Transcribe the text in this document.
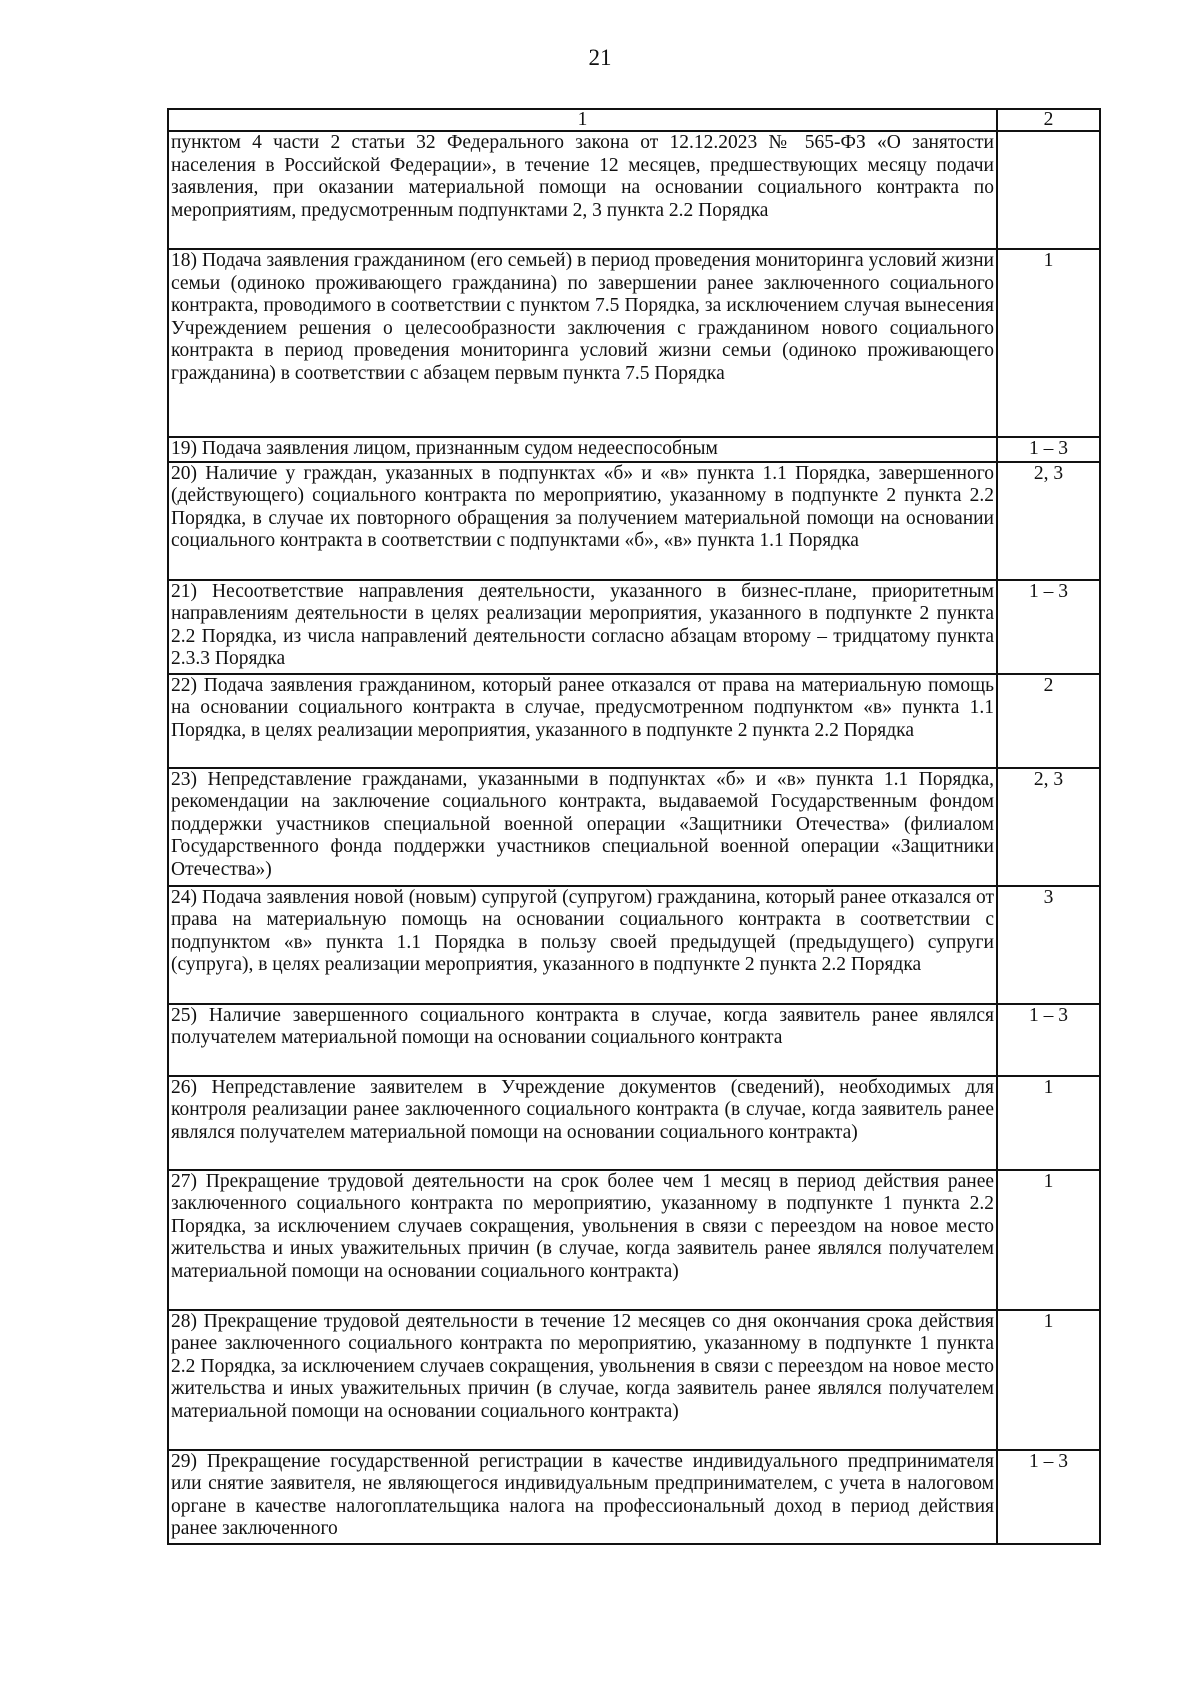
21
1	2
пунктом 4 части 2 статьи 32 Федерального закона от 12.12.2023 № 565-ФЗ «О занятости населения в Российской Федерации», в течение 12 месяцев, предшествующих месяцу подачи заявления, при оказании материальной помощи на основании социального контракта по мероприятиям, предусмотренным подпунктами 2, 3 пункта 2.2 Порядка	
18) Подача заявления гражданином (его семьей) в период проведения мониторинга условий жизни семьи (одиноко проживающего гражданина) по завершении ранее заключенного социального контракта, проводимого в соответствии с пунктом 7.5 Порядка, за исключением случая вынесения Учреждением решения о целесообразности заключения с гражданином нового социального контракта в период проведения мониторинга условий жизни семьи (одиноко проживающего гражданина) в соответствии с абзацем первым пункта 7.5 Порядка	1
19) Подача заявления лицом, признанным судом недееспособным	1 – 3
20) Наличие у граждан, указанных в подпунктах «б» и «в» пункта 1.1 Порядка, завершенного (действующего) социального контракта по мероприятию, указанному в подпункте 2 пункта 2.2 Порядка, в случае их повторного обращения за получением материальной помощи на основании социального контракта в соответствии с подпунктами «б», «в» пункта 1.1 Порядка	2, 3
21) Несоответствие направления деятельности, указанного в бизнес-плане, приоритетным направлениям деятельности в целях реализации мероприятия, указанного в подпункте 2 пункта 2.2 Порядка, из числа направлений деятельности согласно абзацам второму – тридцатому пункта 2.3.3 Порядка	1 – 3
22) Подача заявления гражданином, который ранее отказался от права на материальную помощь на основании социального контракта в случае, предусмотренном подпунктом «в» пункта 1.1 Порядка, в целях реализации мероприятия, указанного в подпункте 2 пункта 2.2 Порядка	2
23) Непредставление гражданами, указанными в подпунктах «б» и «в» пункта 1.1 Порядка, рекомендации на заключение социального контракта, выдаваемой Государственным фондом поддержки участников специальной военной операции «Защитники Отечества» (филиалом Государственного фонда поддержки участников специальной военной операции «Защитники Отечества»)	2, 3
24) Подача заявления новой (новым) супругой (супругом) гражданина, который ранее отказался от права на материальную помощь на основании социального контракта в соответствии с подпунктом «в» пункта 1.1 Порядка в пользу своей предыдущей (предыдущего) супруги (супруга), в целях реализации мероприятия, указанного в подпункте 2 пункта 2.2 Порядка	3
25) Наличие завершенного социального контракта в случае, когда заявитель ранее являлся получателем материальной помощи на основании социального контракта	1 – 3
26) Непредставление заявителем в Учреждение документов (сведений), необходимых для контроля реализации ранее заключенного социального контракта (в случае, когда заявитель ранее являлся получателем материальной помощи на основании социального контракта)	1
27) Прекращение трудовой деятельности на срок более чем 1 месяц в период действия ранее заключенного социального контракта по мероприятию, указанному в подпункте 1 пункта 2.2 Порядка, за исключением случаев сокращения, увольнения в связи с переездом на новое место жительства и иных уважительных причин (в случае, когда заявитель ранее являлся получателем материальной помощи на основании социального контракта)	1
28) Прекращение трудовой деятельности в течение 12 месяцев со дня окончания срока действия ранее заключенного социального контракта по мероприятию, указанному в подпункте 1 пункта 2.2 Порядка, за исключением случаев сокращения, увольнения в связи с переездом на новое место жительства и иных уважительных причин (в случае, когда заявитель ранее являлся получателем материальной помощи на основании социального контракта)	1
29) Прекращение государственной регистрации в качестве индивидуального предпринимателя или снятие заявителя, не являющегося индивидуальным предпринимателем, с учета в налоговом органе в качестве налогоплательщика налога на профессиональный доход в период действия ранее заключенного	1 – 3
